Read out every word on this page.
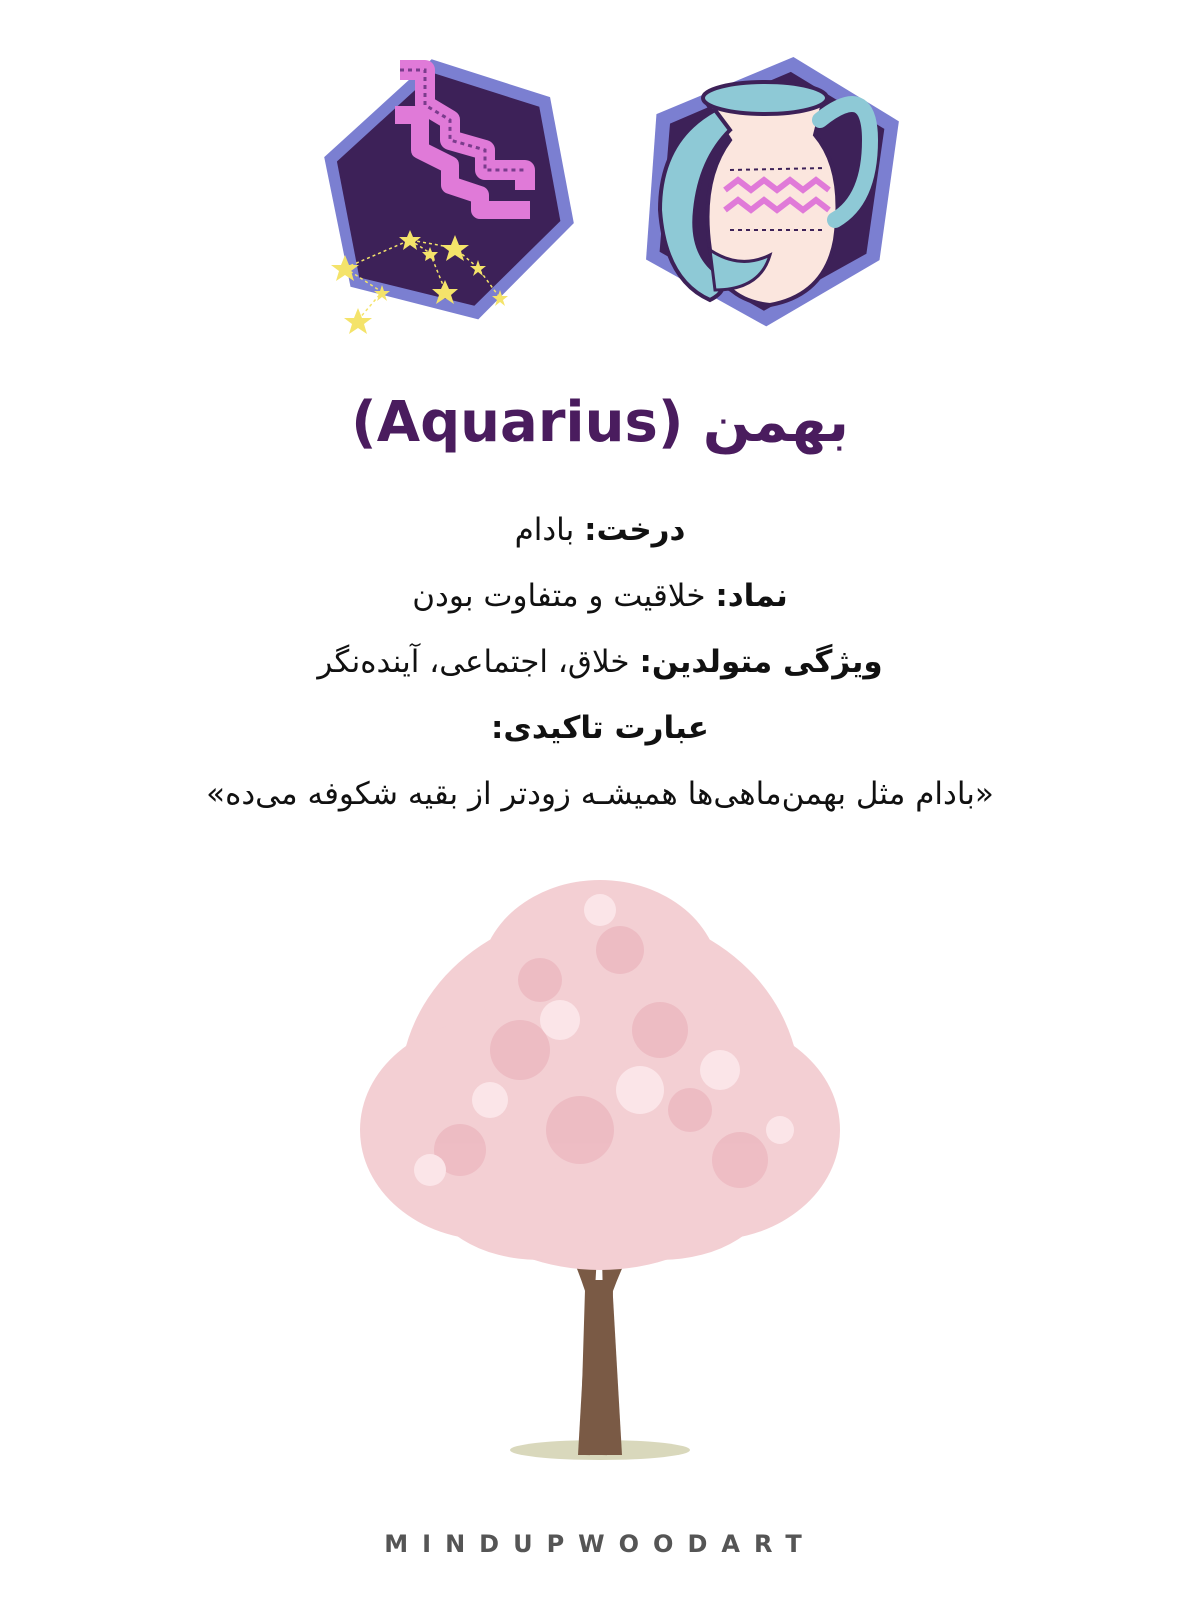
بهمن (Aquarius)
درخت: بادام
نماد: خلاقیت و متفاوت بودن
ویژگی متولدین: خلاق، اجتماعی، آینده‌نگر
عبارت تاکیدی:
«بادام مثل بهمن‌ماهی‌ها همیشـه زودتر از بقیه شکوفه می‌ده»
MINDUPWOODART
